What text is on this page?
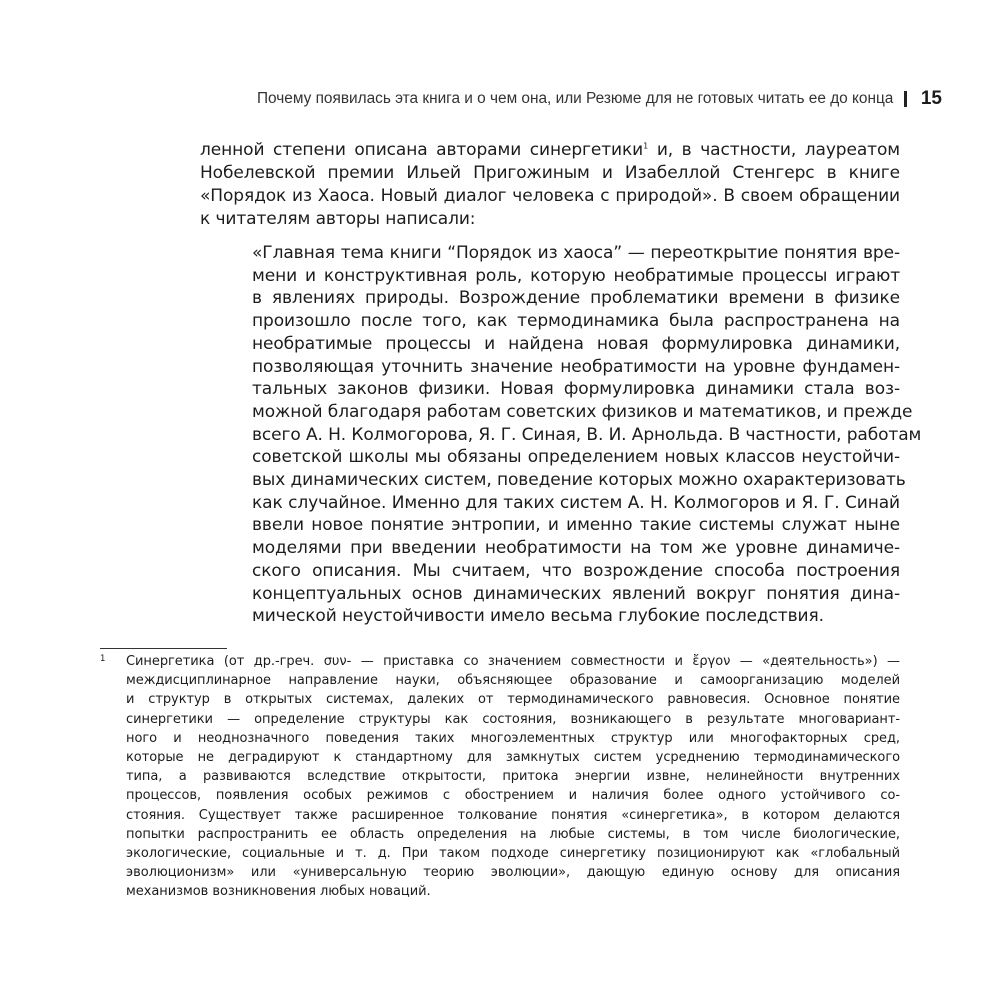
Почему появилась эта книга и о чем она, или Резюме для не готовых читать ее до конца 15
ленной степени описана авторами синергетики$^1$ и, в частности, лауреатом
Нобелевской премии Ильей Пригожиным и Изабеллой Стенгерс в книге
«Порядок из Хаоса. Новый диалог человека с природой». В своем обращении
к читателям авторы написали:
«Главная тема книги “Порядок из хаоса” — переоткрытие понятия вре-
мени и конструктивная роль, которую необратимые процессы играют
в явлениях природы. Возрождение проблематики времени в физике
произошло после того, как термодинамика была распространена на
необратимые процессы и найдена новая формулировка динамики,
позволяющая уточнить значение необратимости на уровне фундамен-
тальных законов физики. Новая формулировка динамики стала воз-
можной благодаря работам советских физиков и математиков, и прежде
всего А. Н. Колмогорова, Я. Г. Синая, В. И. Арнольда. В частности, работам
советской школы мы обязаны определением новых классов неустойчи-
вых динамических систем, поведение которых можно охарактеризовать
как случайное. Именно для таких систем А. Н. Колмогоров и Я. Г. Синай
ввели новое понятие энтропии, и именно такие системы служат ныне
моделями при введении необратимости на том же уровне динамиче-
ского описания. Мы считаем, что возрождение способа построения
концептуальных основ динамических явлений вокруг понятия дина-
мической неустойчивости имело весьма глубокие последствия.
1 Синергетика (от др.-греч. συν- — приставка со значением совместности и ἔργον — «деятельность») —
междисциплинарное направление науки, объясняющее образование и самоорганизацию моделей
и структур в открытых системах, далеких от термодинамического равновесия. Основное понятие
синергетики — определение структуры как состояния, возникающего в результате многовариант-
ного и неоднозначного поведения таких многоэлементных структур или многофакторных сред,
которые не деградируют к стандартному для замкнутых систем усреднению термодинамического
типа, а развиваются вследствие открытости, притока энергии извне, нелинейности внутренних
процессов, появления особых режимов с обострением и наличия более одного устойчивого со-
стояния. Существует также расширенное толкование понятия «синергетика», в котором делаются
попытки распространить ее область определения на любые системы, в том числе биологические,
экологические, социальные и т. д. При таком подходе синергетику позиционируют как «глобальный
эволюционизм» или «универсальную теорию эволюции», дающую единую основу для описания
механизмов возникновения любых новаций.
